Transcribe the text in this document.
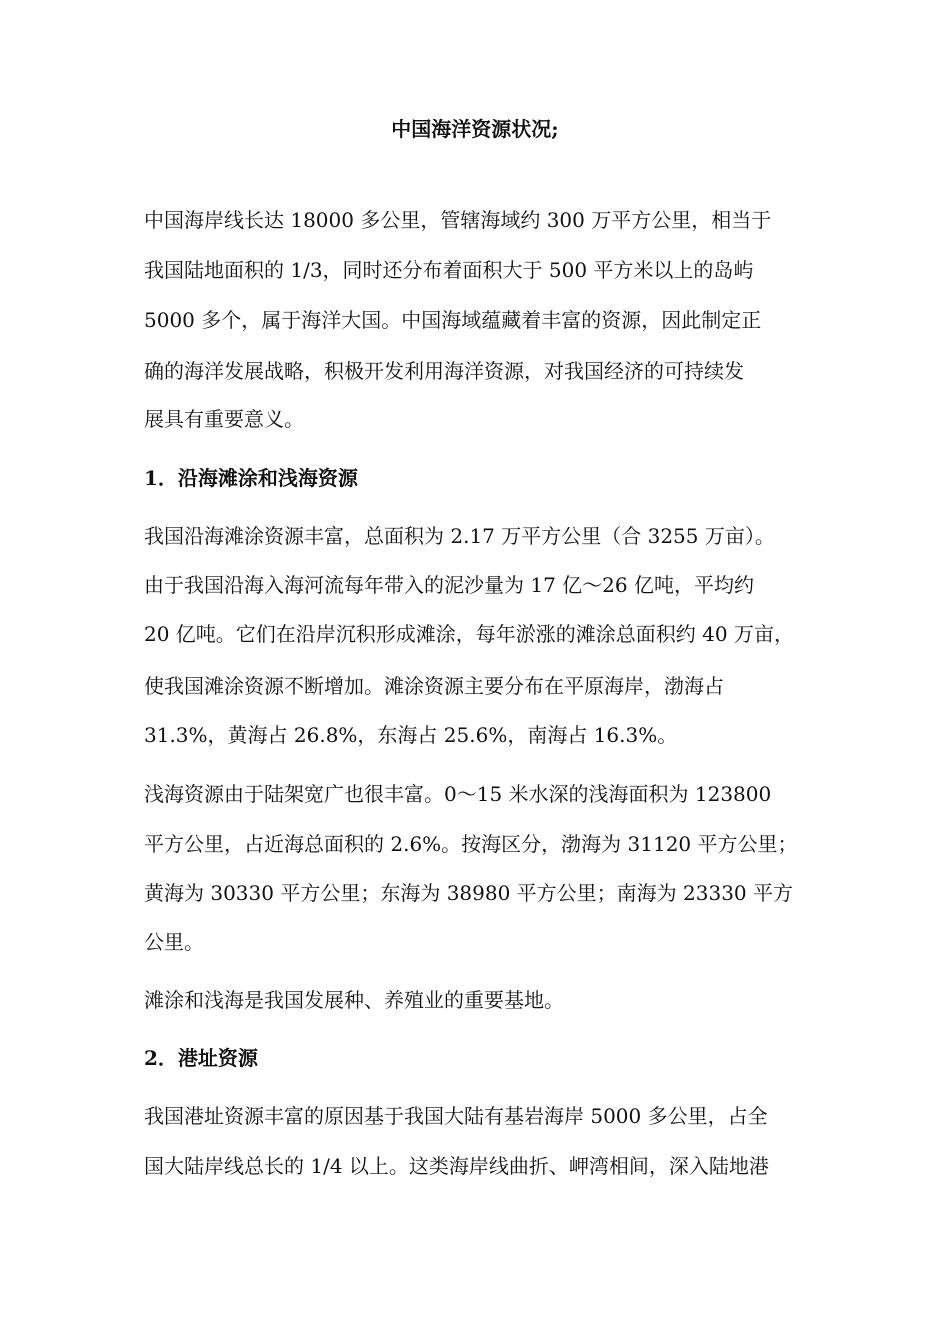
中国海洋资源状况;

中国海岸线长达 18000 多公里，管辖海域约 300 万平方公里，相当于

我国陆地面积的 1/3，同时还分布着面积大于 500 平方米以上的岛屿

5000 多个，属于海洋大国。中国海域蕴藏着丰富的资源，因此制定正

确的海洋发展战略，积极开发利用海洋资源，对我国经济的可持续发

展具有重要意义。

1．沿海滩涂和浅海资源

我国沿海滩涂资源丰富，总面积为 2.17 万平方公里（合 3255 万亩）。

由于我国沿海入海河流每年带入的泥沙量为 17 亿～26 亿吨，平均约

20 亿吨。它们在沿岸沉积形成滩涂，每年淤涨的滩涂总面积约 40 万亩，

使我国滩涂资源不断增加。滩涂资源主要分布在平原海岸，渤海占

31.3%，黄海占 26.8%，东海占 25.6%，南海占 16.3%。

浅海资源由于陆架宽广也很丰富。0～15 米水深的浅海面积为 123800

平方公里，占近海总面积的 2.6%。按海区分，渤海为 31120 平方公里；

黄海为 30330 平方公里；东海为 38980 平方公里；南海为 23330 平方

公里。

滩涂和浅海是我国发展种、养殖业的重要基地。

2．港址资源

我国港址资源丰富的原因基于我国大陆有基岩海岸 5000 多公里，占全

国大陆岸线总长的 1/4 以上。这类海岸线曲折、岬湾相间，深入陆地港
